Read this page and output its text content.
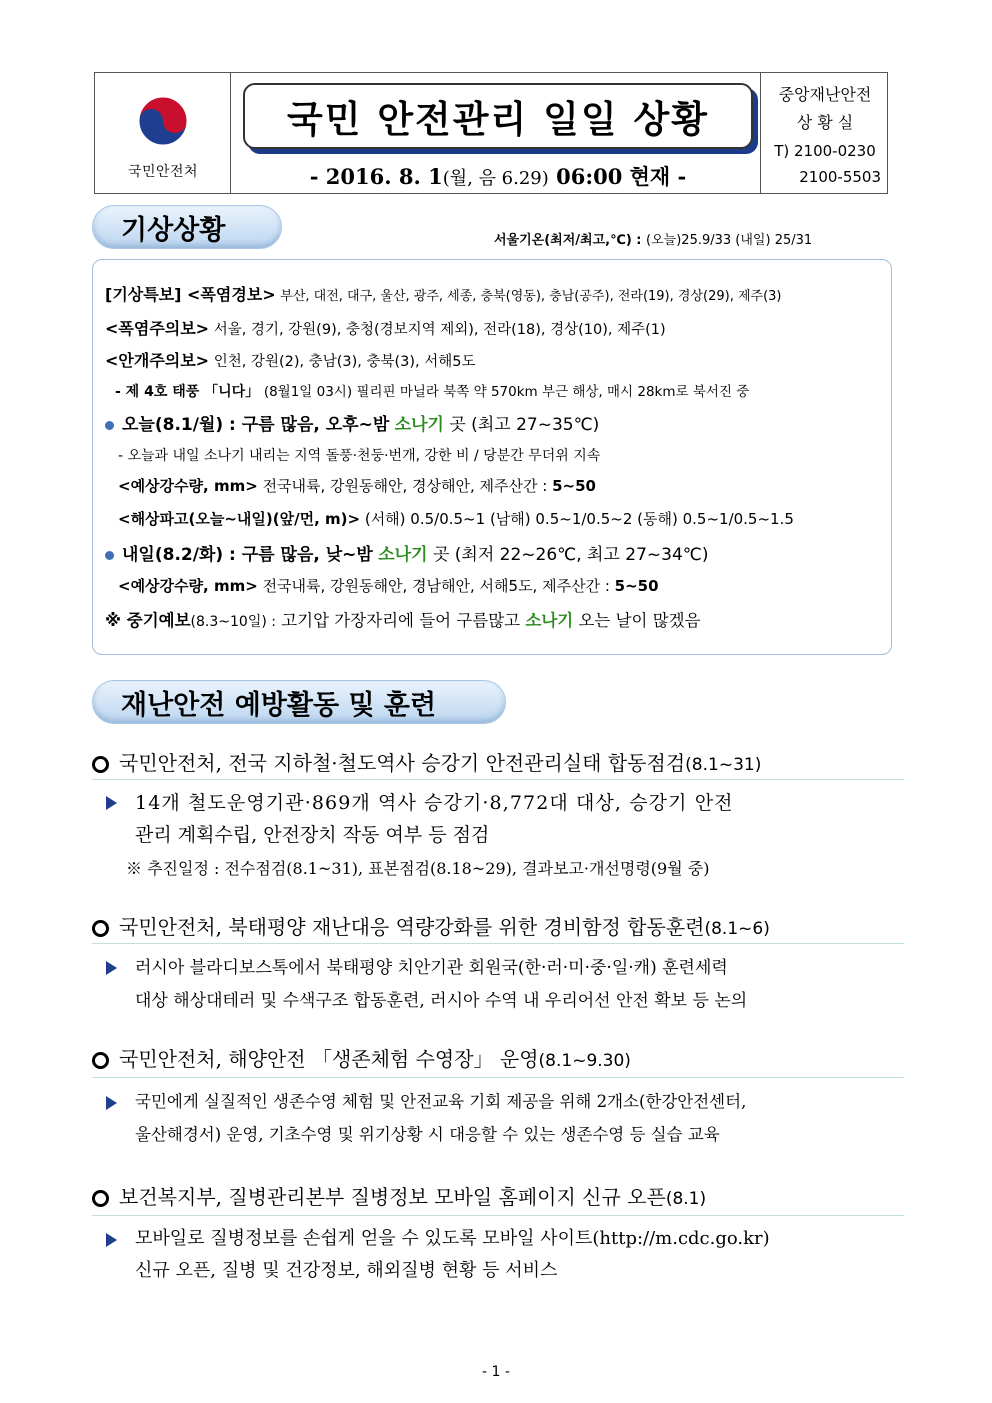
국민안전처
국민 안전관리 일일 상황
- 2016. 8. 1(월, 음 6.29) 06:00 현재 -
중앙재난안전
상 황 실
T) 2100-0230
2100-5503
기상상황	서울기온(최저/최고,℃) : (오늘)25.9/33 (내일) 25/31
[기상특보] <폭염경보> 부산, 대전, 대구, 울산, 광주, 세종, 충북(영동), 충남(공주), 전라(19), 경상(29), 제주(3)
<폭염주의보> 서울, 경기, 강원(9), 충청(경보지역 제외), 전라(18), 경상(10), 제주(1)
<안개주의보> 인천, 강원(2), 충남(3), 충북(3), 서해5도
- 제 4호 태풍 「니다」 (8월1일 03시) 필리핀 마닐라 북쪽 약 570km 부근 해상, 매시 28km로 북서진 중
오늘(8.1/월) : 구름 많음, 오후~밤 소나기 곳 (최고 27~35℃)
- 오늘과 내일 소나기 내리는 지역 돌풍·천둥·번개, 강한 비 / 당분간 무더위 지속
<예상강수량, mm> 전국내륙, 강원동해안, 경상해안, 제주산간 : 5~50
<해상파고(오늘~내일)(앞/먼, m)> (서해) 0.5/0.5~1 (남해) 0.5~1/0.5~2 (동해) 0.5~1/0.5~1.5
내일(8.2/화) : 구름 많음, 낮~밤 소나기 곳 (최저 22~26℃, 최고 27~34℃)
<예상강수량, mm> 전국내륙, 강원동해안, 경남해안, 서해5도, 제주산간 : 5~50
※ 중기예보(8.3~10일) : 고기압 가장자리에 들어 구름많고 소나기 오는 날이 많겠음
재난안전 예방활동 및 훈련
국민안전처, 전국 지하철·철도역사 승강기 안전관리실태 합동점검(8.1~31)
14개 철도운영기관·869개 역사 승강기·8,772대 대상, 승강기 안전
관리 계획수립, 안전장치 작동 여부 등 점검
※ 추진일정 : 전수점검(8.1~31), 표본점검(8.18~29), 결과보고·개선명령(9월 중)
국민안전처, 북태평양 재난대응 역량강화를 위한 경비함정 합동훈련(8.1~6)
러시아 블라디보스톡에서 북태평양 치안기관 회원국(한·러·미·중·일·캐) 훈련세력
대상 해상대테러 및 수색구조 합동훈련, 러시아 수역 내 우리어선 안전 확보 등 논의
국민안전처, 해양안전 「생존체험 수영장」 운영(8.1~9.30)
국민에게 실질적인 생존수영 체험 및 안전교육 기회 제공을 위해 2개소(한강안전센터,
울산해경서) 운영, 기초수영 및 위기상황 시 대응할 수 있는 생존수영 등 실습 교육
보건복지부, 질병관리본부 질병정보 모바일 홈페이지 신규 오픈(8.1)
모바일로 질병정보를 손쉽게 얻을 수 있도록 모바일 사이트(http://m.cdc.go.kr)
신규 오픈, 질병 및 건강정보, 해외질병 현황 등 서비스
- 1 -
